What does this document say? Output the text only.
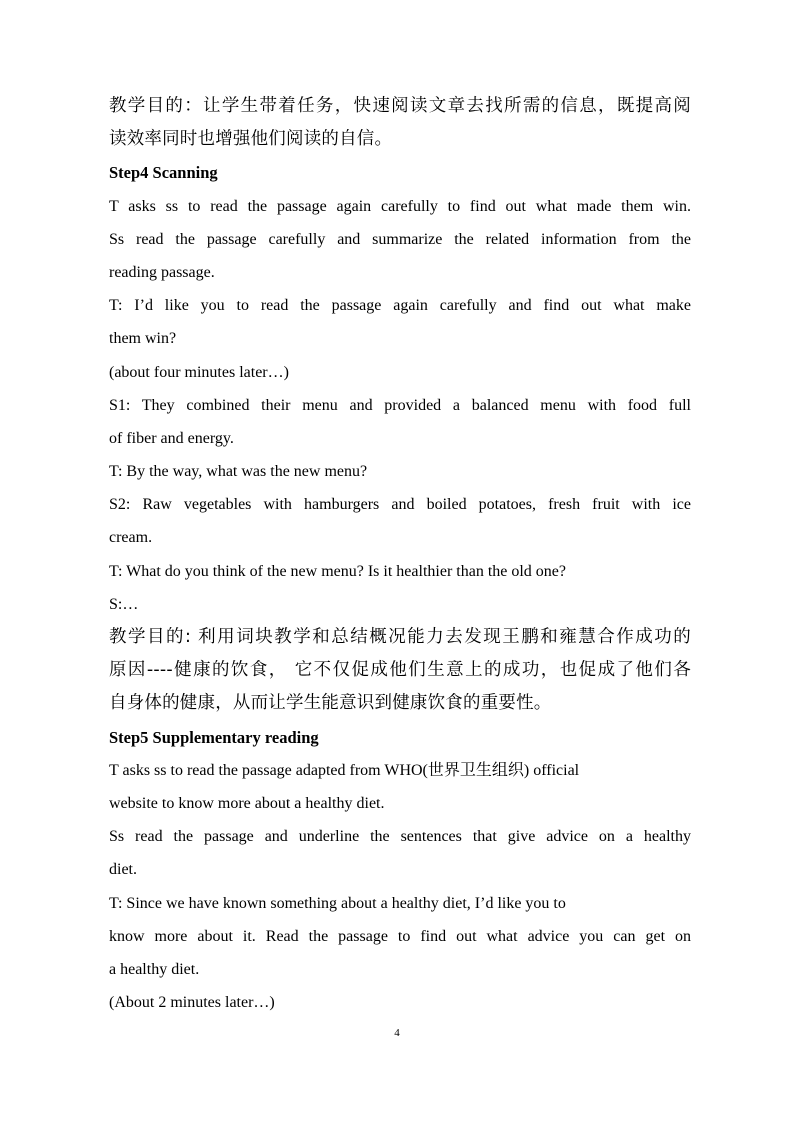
教学目的：让学生带着任务，快速阅读文章去找所需的信息，既提高阅
读效率同时也增强他们阅读的自信。
Step4 Scanning
T asks ss to read the passage again carefully to find out what made them win.
Ss read the passage carefully and summarize the related information from the
reading passage.
T: I’d like you to read the passage again carefully and find out what make
them win?
(about four minutes later…)
S1: They combined their menu and provided a balanced menu with food full
of fiber and energy.
T: By the way, what was the new menu?
S2: Raw vegetables with hamburgers and boiled potatoes, fresh fruit with ice
cream.
T: What do you think of the new menu? Is it healthier than the old one?
S:…
教学目的: 利用词块教学和总结概况能力去发现王鹏和雍慧合作成功的
原因----健康的饮食， 它不仅促成他们生意上的成功，也促成了他们各
自身体的健康，从而让学生能意识到健康饮食的重要性。
Step5 Supplementary reading
T asks ss to read the passage adapted from WHO(世界卫生组织) official
website to know more about a healthy diet.
Ss read the passage and underline the sentences that give advice on a healthy
diet.
T: Since we have known something about a healthy diet, I’d like you to
know more about it. Read the passage to find out what advice you can get on
a healthy diet.
(About 2 minutes later…)
4
